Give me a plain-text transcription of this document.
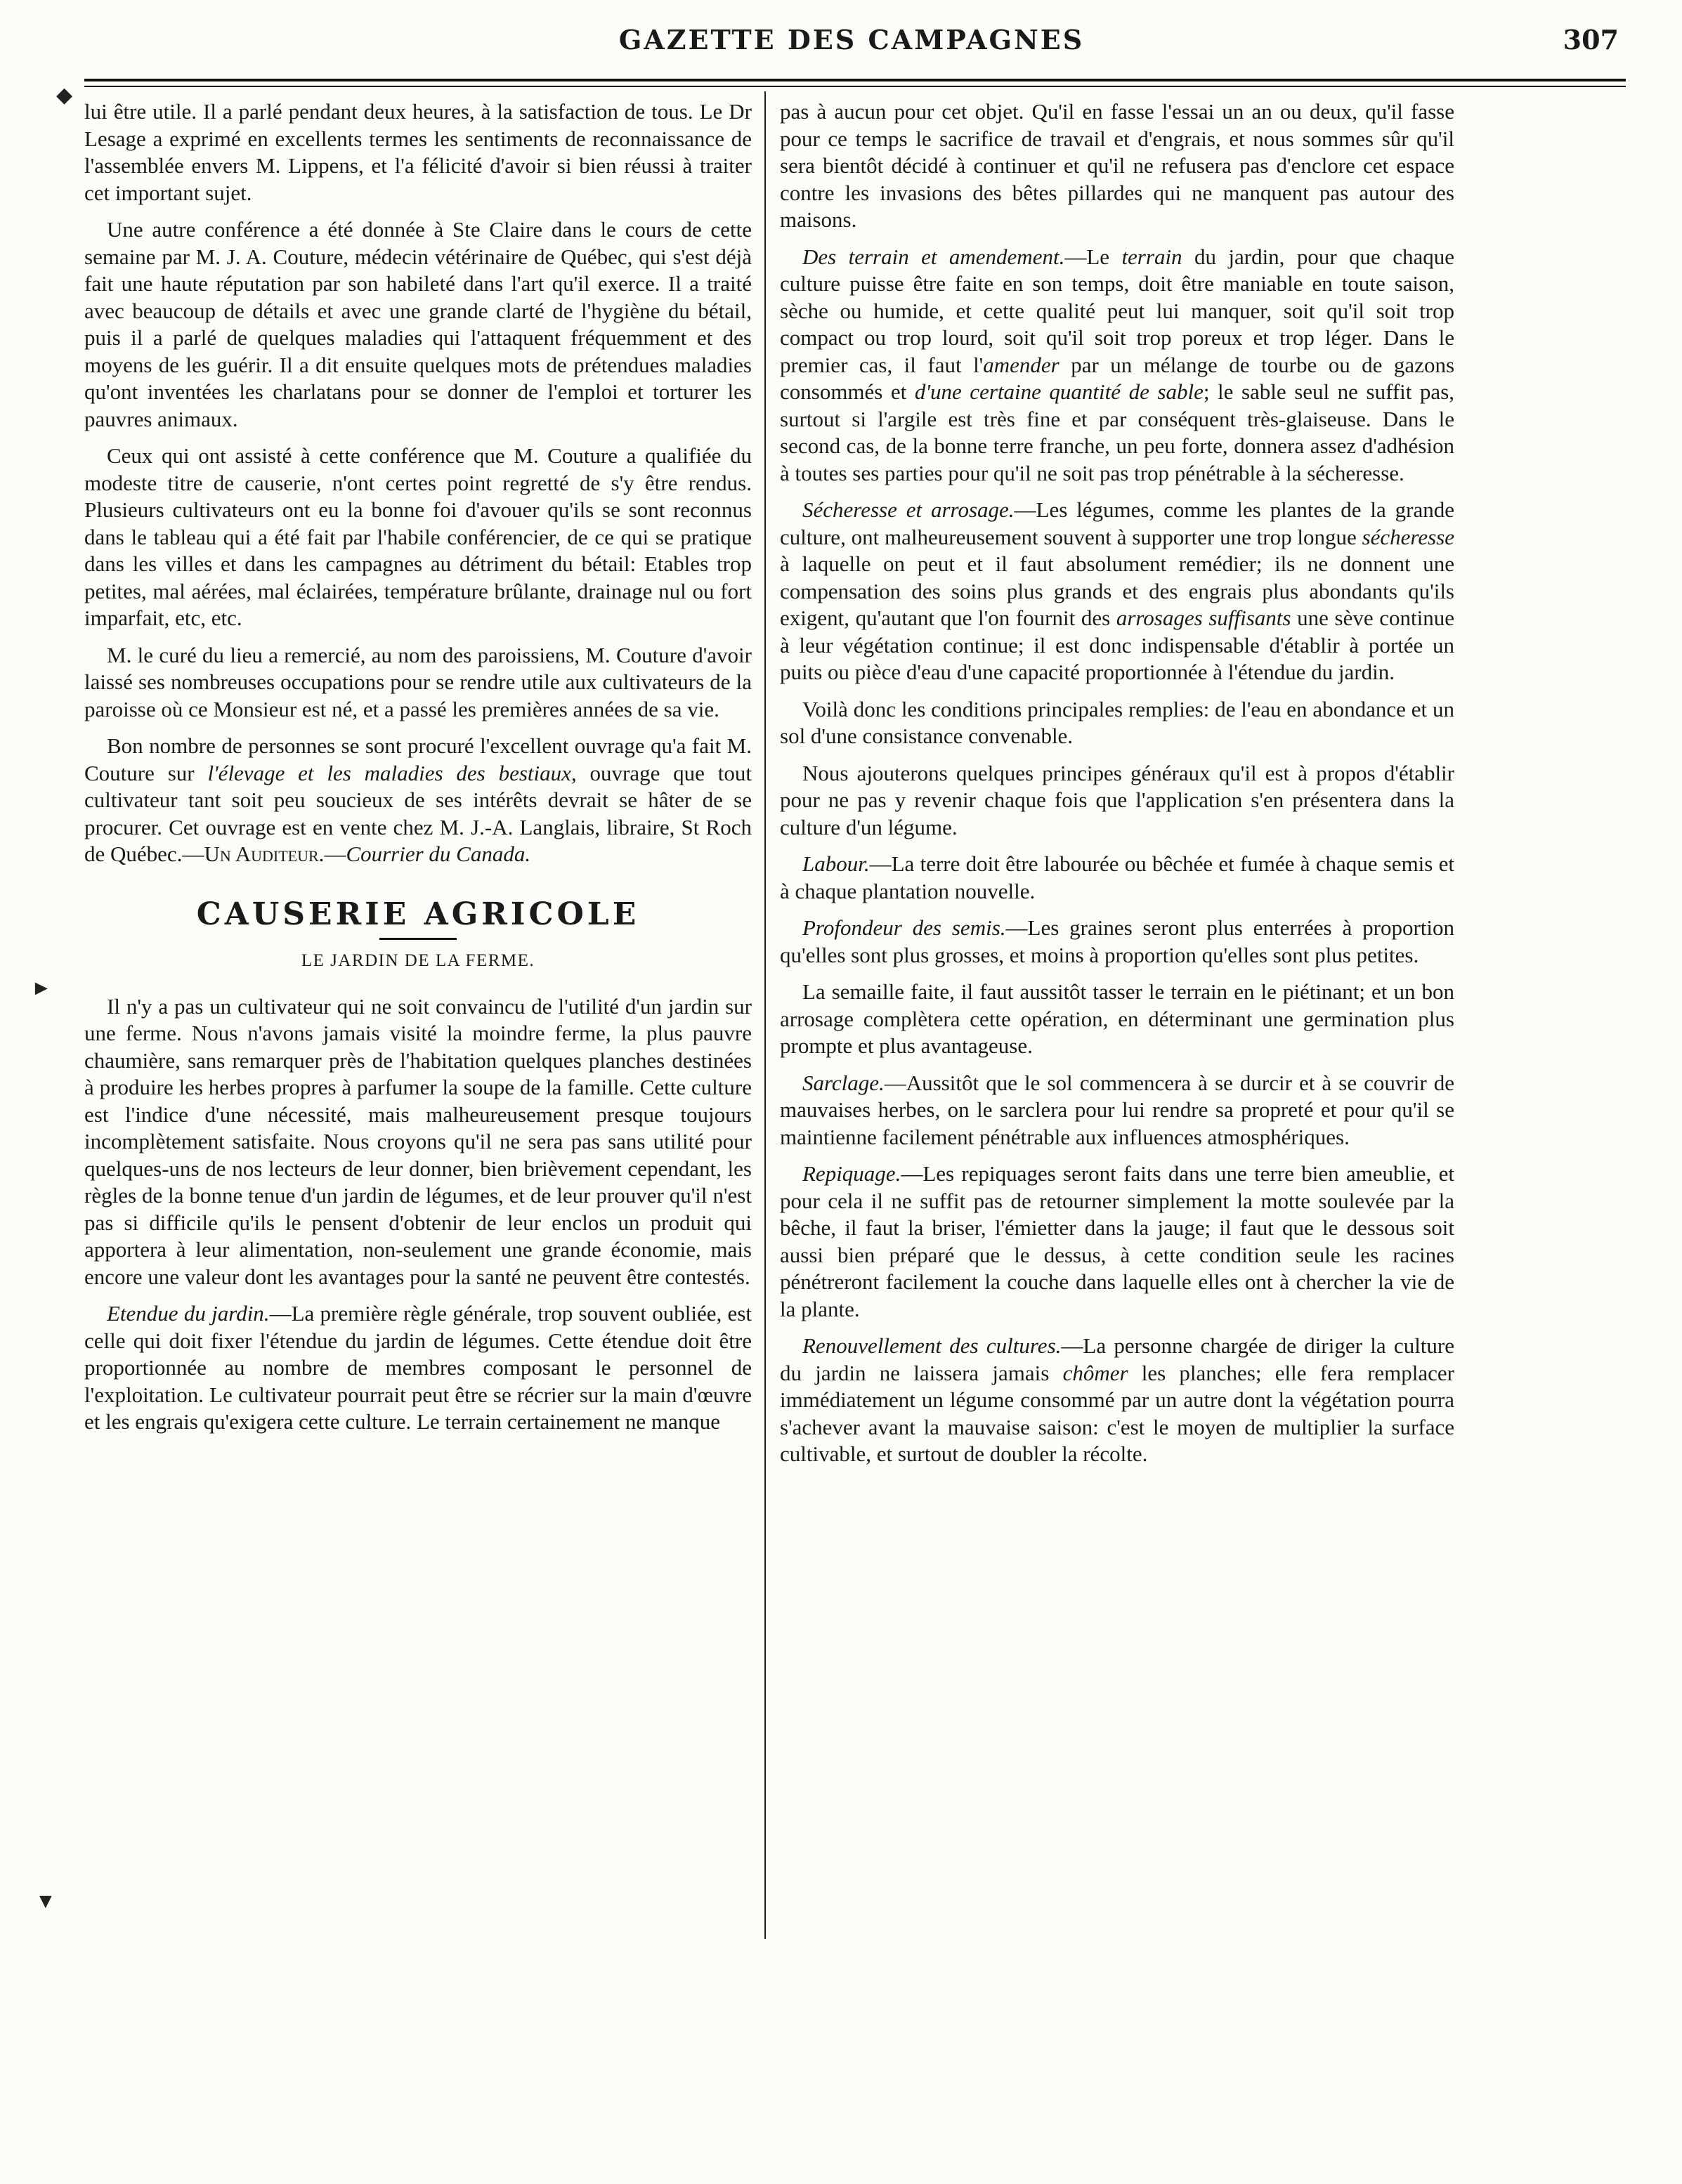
GAZETTE DES CAMPAGNES	307
◆
►
▼

lui être utile. Il a parlé pendant deux heures, à la satisfaction de tous. Le Dr Lesage a exprimé en excellents termes les sentiments de reconnaissance de l'assemblée envers M. Lippens, et l'a félicité d'avoir si bien réussi à traiter cet important sujet.

Une autre conférence a été donnée à Ste Claire dans le cours de cette semaine par M. J. A. Couture, médecin vétérinaire de Québec, qui s'est déjà fait une haute réputation par son habileté dans l'art qu'il exerce. Il a traité avec beaucoup de détails et avec une grande clarté de l'hygiène du bétail, puis il a parlé de quelques maladies qui l'attaquent fréquemment et des moyens de les guérir. Il a dit ensuite quelques mots de prétendues maladies qu'ont inventées les charlatans pour se donner de l'emploi et torturer les pauvres animaux.

Ceux qui ont assisté à cette conférence que M. Couture a qualifiée du modeste titre de causerie, n'ont certes point regretté de s'y être rendus. Plusieurs cultivateurs ont eu la bonne foi d'avouer qu'ils se sont reconnus dans le tableau qui a été fait par l'habile conférencier, de ce qui se pratique dans les villes et dans les campagnes au détriment du bétail: Etables trop petites, mal aérées, mal éclairées, température brûlante, drainage nul ou fort imparfait, etc, etc.

M. le curé du lieu a remercié, au nom des paroissiens, M. Couture d'avoir laissé ses nombreuses occupations pour se rendre utile aux cultivateurs de la paroisse où ce Monsieur est né, et a passé les premières années de sa vie.

Bon nombre de personnes se sont procuré l'excellent ouvrage qu'a fait M. Couture sur l'élevage et les maladies des bestiaux, ouvrage que tout cultivateur tant soit peu soucieux de ses intérêts devrait se hâter de se procurer. Cet ouvrage est en vente chez M. J.-A. Langlais, libraire, St Roch de Québec.—Un Auditeur.—Courrier du Canada.

CAUSERIE AGRICOLE
LE JARDIN DE LA FERME.

Il n'y a pas un cultivateur qui ne soit convaincu de l'utilité d'un jardin sur une ferme. Nous n'avons jamais visité la moindre ferme, la plus pauvre chaumière, sans remarquer près de l'habitation quelques planches destinées à produire les herbes propres à parfumer la soupe de la famille. Cette culture est l'indice d'une nécessité, mais malheureusement presque toujours incomplètement satisfaite. Nous croyons qu'il ne sera pas sans utilité pour quelques-uns de nos lecteurs de leur donner, bien brièvement cependant, les règles de la bonne tenue d'un jardin de légumes, et de leur prouver qu'il n'est pas si difficile qu'ils le pensent d'obtenir de leur enclos un produit qui apportera à leur alimentation, non-seulement une grande économie, mais encore une valeur dont les avantages pour la santé ne peuvent être contestés.

Etendue du jardin.—La première règle générale, trop souvent oubliée, est celle qui doit fixer l'étendue du jardin de légumes. Cette étendue doit être proportionnée au nombre de membres composant le personnel de l'exploitation. Le cultivateur pourrait peut être se récrier sur la main d'œuvre et les engrais qu'exigera cette culture. Le terrain certainement ne manque

pas à aucun pour cet objet. Qu'il en fasse l'essai un an ou deux, qu'il fasse pour ce temps le sacrifice de travail et d'engrais, et nous sommes sûr qu'il sera bientôt décidé à continuer et qu'il ne refusera pas d'enclore cet espace contre les invasions des bêtes pillardes qui ne manquent pas autour des maisons.

Des terrain et amendement.—Le terrain du jardin, pour que chaque culture puisse être faite en son temps, doit être maniable en toute saison, sèche ou humide, et cette qualité peut lui manquer, soit qu'il soit trop compact ou trop lourd, soit qu'il soit trop poreux et trop léger. Dans le premier cas, il faut l'amender par un mélange de tourbe ou de gazons consommés et d'une certaine quantité de sable; le sable seul ne suffit pas, surtout si l'argile est très fine et par conséquent très-glaiseuse. Dans le second cas, de la bonne terre franche, un peu forte, donnera assez d'adhésion à toutes ses parties pour qu'il ne soit pas trop pénétrable à la sécheresse.

Sécheresse et arrosage.—Les légumes, comme les plantes de la grande culture, ont malheureusement souvent à supporter une trop longue sécheresse à laquelle on peut et il faut absolument remédier; ils ne donnent une compensation des soins plus grands et des engrais plus abondants qu'ils exigent, qu'autant que l'on fournit des arrosages suffisants une sève continue à leur végétation continue; il est donc indispensable d'établir à portée un puits ou pièce d'eau d'une capacité proportionnée à l'étendue du jardin.

Voilà donc les conditions principales remplies: de l'eau en abondance et un sol d'une consistance convenable.

Nous ajouterons quelques principes généraux qu'il est à propos d'établir pour ne pas y revenir chaque fois que l'application s'en présentera dans la culture d'un légume.

Labour.—La terre doit être labourée ou bêchée et fumée à chaque semis et à chaque plantation nouvelle.

Profondeur des semis.—Les graines seront plus enterrées à proportion qu'elles sont plus grosses, et moins à proportion qu'elles sont plus petites.

La semaille faite, il faut aussitôt tasser le terrain en le piétinant; et un bon arrosage complètera cette opération, en déterminant une germination plus prompte et plus avantageuse.

Sarclage.—Aussitôt que le sol commencera à se durcir et à se couvrir de mauvaises herbes, on le sarclera pour lui rendre sa propreté et pour qu'il se maintienne facilement pénétrable aux influences atmosphériques.

Repiquage.—Les repiquages seront faits dans une terre bien ameublie, et pour cela il ne suffit pas de retourner simplement la motte soulevée par la bêche, il faut la briser, l'émietter dans la jauge; il faut que le dessous soit aussi bien préparé que le dessus, à cette condition seule les racines pénétreront facilement la couche dans laquelle elles ont à chercher la vie de la plante.

Renouvellement des cultures.—La personne chargée de diriger la culture du jardin ne laissera jamais chômer les planches; elle fera remplacer immédiatement un légume consommé par un autre dont la végétation pourra s'achever avant la mauvaise saison: c'est le moyen de multiplier la surface cultivable, et surtout de doubler la récolte.
